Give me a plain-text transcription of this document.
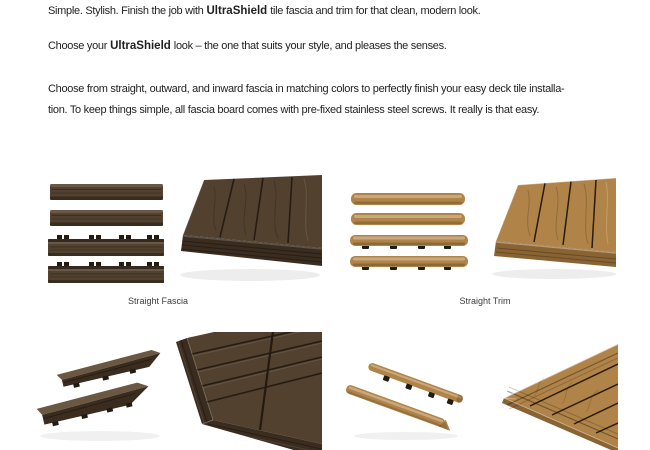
Simple. Stylish. Finish the job with UltraShield tile fascia and trim for that clean, modern look.

Choose your UltraShield look – the one that suits your style, and pleases the senses.

Choose from straight, outward, and inward fascia in matching colors to perfectly finish your easy deck tile installa-

tion. To keep things simple, all fascia board comes with pre-fixed stainless steel screws. It really is that easy.

Straight Fascia	Straight Trim
